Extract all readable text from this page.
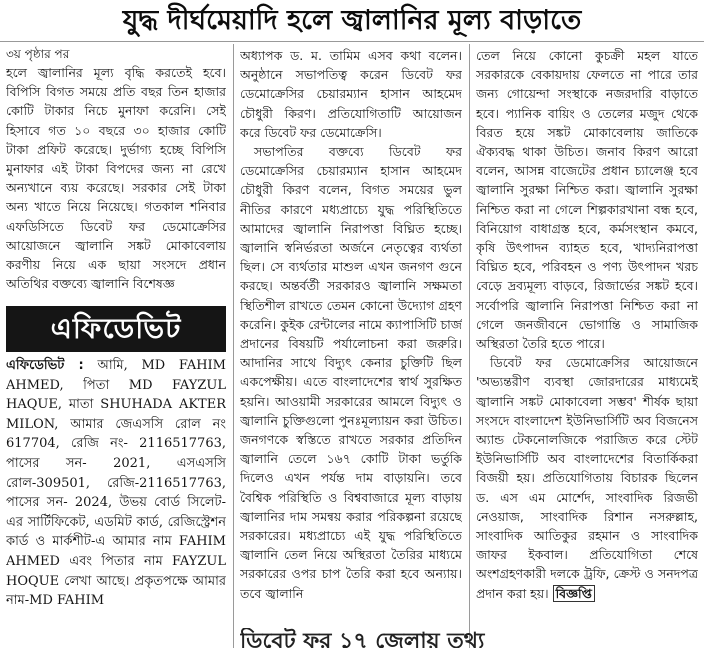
যুদ্ধ দীর্ঘমেয়াদি হলে জ্বালানির মূল্য বাড়াতে
৩য় পৃষ্ঠার পর

হলে জ্বালানির মূল্য বৃদ্ধি করতেই হবে। বিপিসি বিগত সময়ে প্রতি বছর তিন হাজার কোটি টাকার নিচে মুনাফা করেনি। সেই হিসাবে গত ১০ বছরে ৩০ হাজার কোটি টাকা প্রফিট করেছে। দুর্ভাগ্য হচ্ছে বিপিসি মুনাফার এই টাকা বিপদের জন্য না রেখে অন্যখানে ব্যয় করেছে। সরকার সেই টাকা অন্য খাতে নিয়ে নিয়েছে। গতকাল শনিবার এফডিসিতে ডিবেট ফর ডেমোক্রেসির আয়োজনে জ্বালানি সঙ্কট মোকাবেলায় করণীয় নিয়ে এক ছায়া সংসদে প্রধান অতিথির বক্তব্যে জ্বালানি বিশেষজ্ঞ

এফিডেভিট
এফিডেভিট : আমি, MD FAHIM AHMED, পিতা MD FAYZUL HAQUE, মাতা SHUHADA AKTER MILON, আমার জেএসসি রোল নং 617704, রেজি নং- 2116517763, পাসের সন- 2021, এসএসসি রোল-309501, রেজি-2116517763, পাসের সন- 2024, উভয় বোর্ড সিলেট-এর সার্টিফিকেট, এডমিট কার্ড, রেজিস্ট্রেশন কার্ড ও মার্কশীট-এ আমার নাম FAHIM AHMED এবং পিতার নাম FAYZUL HOQUE লেখা আছে। প্রকৃতপক্ষে আমার নাম-MD FAHIM

অধ্যাপক ড. ম. তামিম এসব কথা বলেন। অনুষ্ঠানে সভাপতিত্ব করেন ডিবেট ফর ডেমোক্রেসির চেয়ারম্যান হাসান আহমেদ চৌধুরী কিরণ। প্রতিযোগিতাটি আয়োজন করে ডিবেট ফর ডেমোক্রেসি।

সভাপতির বক্তব্যে ডিবেট ফর ডেমোক্রেসির চেয়ারম্যান হাসান আহমেদ চৌধুরী কিরণ বলেন, বিগত সময়ের ভুল নীতির কারণে মধ্যপ্রাচ্যে যুদ্ধ পরিস্থিতিতে আমাদের জ্বালানি নিরাপত্তা বিঘ্নিত হচ্ছে। জ্বালানি স্বনির্ভরতা অর্জনে নেতৃত্বের ব্যর্থতা ছিল। সে ব্যর্থতার মাশুল এখন জনগণ গুনে করছে। অন্তর্বর্তী সরকারও জ্বালানি সক্ষমতা স্থিতিশীল রাখতে তেমন কোনো উদ্যোগ গ্রহণ করেনি। কুইক রেন্টালের নামে ক্যাপাসিটি চার্জ প্রদানের বিষয়টি পর্যালোচনা করা জরুরি। আদানির সাথে বিদ্যুৎ কেনার চুক্তিটি ছিল একপেক্ষীয়। এতে বাংলাদেশের স্বার্থ সুরক্ষিত হয়নি। আওয়ামী সরকারের আমলে বিদ্যুৎ ও জ্বালানি চুক্তিগুলো পুনঃমূল্যায়ন করা উচিত। জনগণকে স্বস্তিতে রাখতে সরকার প্রতিদিন জ্বালানি তেলে ১৬৭ কোটি টাকা ভর্তুকি দিলেও এখন পর্যন্ত দাম বাড়ায়নি। তবে বৈশ্বিক পরিস্থিতি ও বিশ্ববাজারে মূল্য বাড়ায় জ্বালানির দাম সমন্বয় করার পরিকল্পনা রয়েছে সরকারের। মধ্যপ্রাচ্যে এই যুদ্ধ পরিস্থিতিতে জ্বালানি তেল নিয়ে অস্থিরতা তৈরির মাধ্যমে সরকারের ওপর চাপ তৈরি করা হবে অন্যায়। তবে জ্বালানি

তেল নিয়ে কোনো কুচক্রী মহল যাতে সরকারকে বেকায়দায় ফেলতে না পারে তার জন্য গোয়েন্দা সংস্থাকে নজরদারি বাড়াতে হবে। প্যানিক বায়িং ও তেলের মজুদ থেকে বিরত হয়ে সঙ্কট মোকাবেলায় জাতিকে ঐক্যবদ্ধ থাকা উচিত। জনাব কিরণ আরো বলেন, আসন্ন বাজেটের প্রধান চ্যালেঞ্জ হবে জ্বালানি সুরক্ষা নিশ্চিত করা। জ্বালানি সুরক্ষা নিশ্চিত করা না গেলে শিল্পকারখানা বন্ধ হবে, বিনিয়োগ বাধাগ্রস্ত হবে, কর্মসংস্থান কমবে, কৃষি উৎপাদন ব্যাহত হবে, খাদ্যনিরাপত্তা বিঘ্নিত হবে, পরিবহন ও পণ্য উৎপাদন খরচ বেড়ে দ্রব্যমূল্য বাড়বে, রিজার্ভের সঙ্কট হবে। সর্বোপরি জ্বালানি নিরাপত্তা নিশ্চিত করা না গেলে জনজীবনে ভোগান্তি ও সামাজিক অস্থিরতা তৈরি হতে পারে।

ডিবেট ফর ডেমোক্রেসির আয়োজনে 'অভ্যন্তরীণ ব্যবস্থা জোরদারের মাধ্যমেই জ্বালানি সঙ্কট মোকাবেলা সম্ভব' শীর্ষক ছায়া সংসদে বাংলাদেশ ইউনিভার্সিটি অব বিজনেস অ্যান্ড টেকনোলজিকে পরাজিত করে স্টেট ইউনিভার্সিটি অব বাংলাদেশের বিতার্কিকরা বিজয়ী হয়। প্রতিযোগিতায় বিচারক ছিলেন ড. এস এম মোর্শেদ, সাংবাদিক রিজভী নেওয়াজ, সাংবাদিক রিশান নসরুল্লাহ, সাংবাদিক আতিকুর রহমান ও সাংবাদিক জাফর ইকবাল। প্রতিযোগিতা শেষে অংশগ্রহণকারী দলকে ট্রফি, ক্রেস্ট ও সনদপত্র প্রদান করা হয়। বিজ্ঞপ্তি

ডিবেট ফর ১৭ জেলায় তথ্য
